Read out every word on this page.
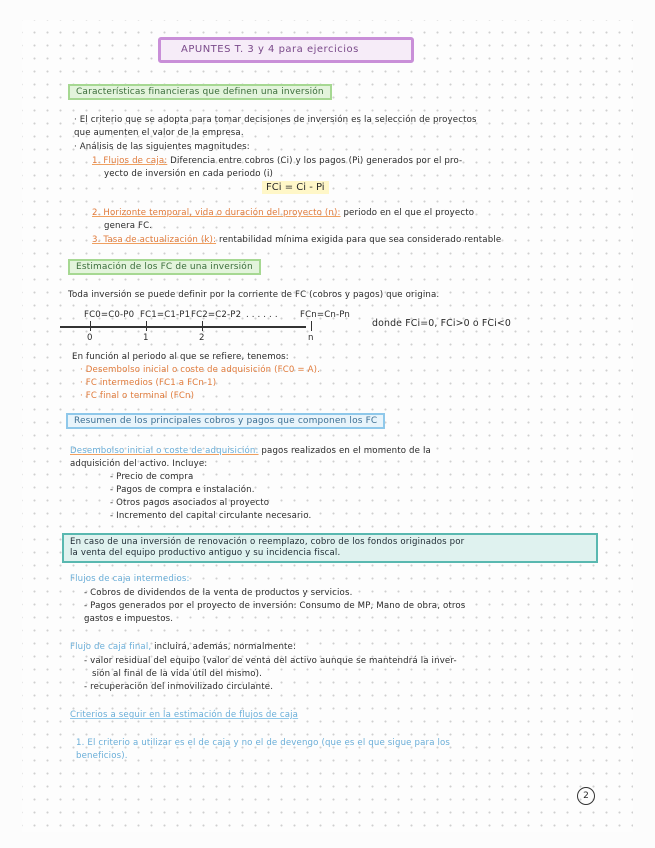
APUNTES T. 3 y 4 para ejercicios
Características financieras que definen una inversión
· El criterio que se adopta para tomar decisiones de inversión es la selección de proyectos
que aumenten el valor de la empresa.
· Análisis de las siguientes magnitudes:
1. Flujos de caja: Diferencia entre cobros (Ci) y los pagos (Pi) generados por el pro-
yecto de inversión en cada periodo (i)
FCi = Ci - Pi
2. Horizonte temporal, vida o duración del proyecto (n): periodo en el que el proyecto
genera FC.
3. Tasa de actualización (k): rentabilidad mínima exigida para que sea considerado rentable
Estimación de los FC de una inversión
Toda inversión se puede definir por la corriente de FC (cobros y pagos) que origina.
FC0=C0-P0 FC1=C1-P1 FC2=C2-P2 . . . . . .	FCn=Cn-Pn
donde FCi=0, FCi>0 o FCi<0
0	1	2	n
En función al periodo al que se refiere, tenemos:
· Desembolso inicial o coste de adquisición (FC0 = A).
· FC intermedios (FC1 a FCn-1)
· FC final o terminal (FCn)
Resumen de los principales cobros y pagos que componen los FC
Desembolso inicial o coste de adquisición: pagos realizados en el momento de la
adquisición del activo. Incluye:
- Precio de compra
- Pagos de compra e instalación.
- Otros pagos asociados al proyecto
- Incremento del capital circulante necesario.
En caso de una inversión de renovación o reemplazo, cobro de los fondos originados por
la venta del equipo productivo antiguo y su incidencia fiscal.
Flujos de caja intermedios:
- Cobros de dividendos de la venta de productos y servicios.
- Pagos generados por el proyecto de inversión: Consumo de MP, Mano de obra, otros
gastos e impuestos.
Flujo de caja final, incluirá, además, normalmente:
- valor residual del equipo (valor de venta del activo aunque se mantendrá la inver-
sión al final de la vida útil del mismo).
- recuperación del inmovilizado circulante.
Criterios a seguir en la estimación de flujos de caja
1. El criterio a utilizar es el de caja y no el de devengo (que es el que sigue para los
beneficios).
2
